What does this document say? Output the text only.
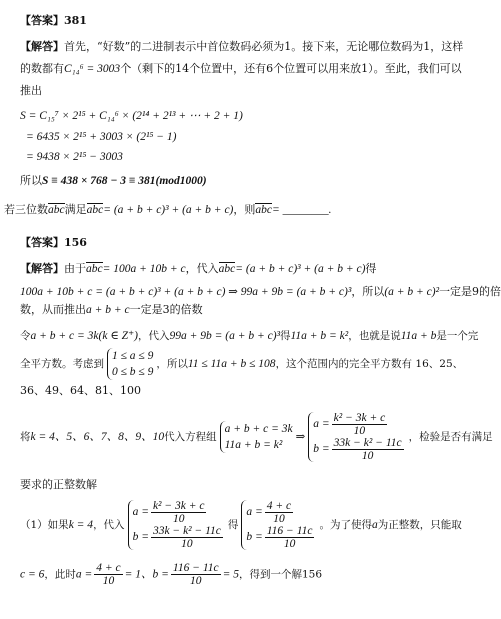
【答案】381
【解答】首先，“好数”的二进制表示中首位数码必须为1。接下来，无论哪位数码为1，这样
的数都有C₁₄⁶ = 3003个（剩下的14个位置中，还有6个位置可以用来放1）。至此，我们可以
推出
S = C₁₅⁷ × 2¹⁵ + C₁₄⁶ × (2¹⁴ + 2¹³ + ⋯ + 2 + 1)
= 6435 × 2¹⁵ + 3003 × (2¹⁵ − 1)
= 9438 × 2¹⁵ − 3003
所以S ≡ 438 × 768 − 3 ≡ 381(mod1000)
若三位数abc满足abc= (a + b + c)³ + (a + b + c)，则abc= ________.
【答案】156
【解答】由于abc= 100a + 10b + c，代入abc= (a + b + c)³ + (a + b + c)得
100a + 10b + c = (a + b + c)³ + (a + b + c) ⇒ 99a + 9b = (a + b + c)³，所以(a + b + c)²一定是9的倍
数，从而推出a + b + c一定是3的倍数
令a + b + c = 3k(k ∈ Z⁺)，代入99a + 9b = (a + b + c)³得11a + b = k²，也就是说11a + b是一个完
全平方数。考虑到
1 ≤ a ≤ 9
0 ≤ b ≤ 9
，所以11 ≤ 11a + b ≤ 108，这个范围内的完全平方数有 16、25、
36、49、64、81、100
将k = 4、5、6、7、8、9、10代入方程组
a + b + c = 3k
11a + b = k²
⇒
$a = \frac{\text{k² − 3k + c}}{10}$
$b = \frac{\text{33k − k² − 11c}}{10}$ ，检验是否有满足
要求的正整数解
（1）如果k = 4，代入
$a = \frac{\text{k² − 3k + c}}{10}$
$b = \frac{\text{33k − k² − 11c}}{10}$ 得
$a = \frac{4 + c}{10}$
$b = \frac{116 - 11c}{10}$ 。为了使得a为正整数，只能取
c = 6，此时$a = \frac{4 + c}{10} = 1$、$b = \frac{116 - 11c}{10} = 5$，得到一个解156
